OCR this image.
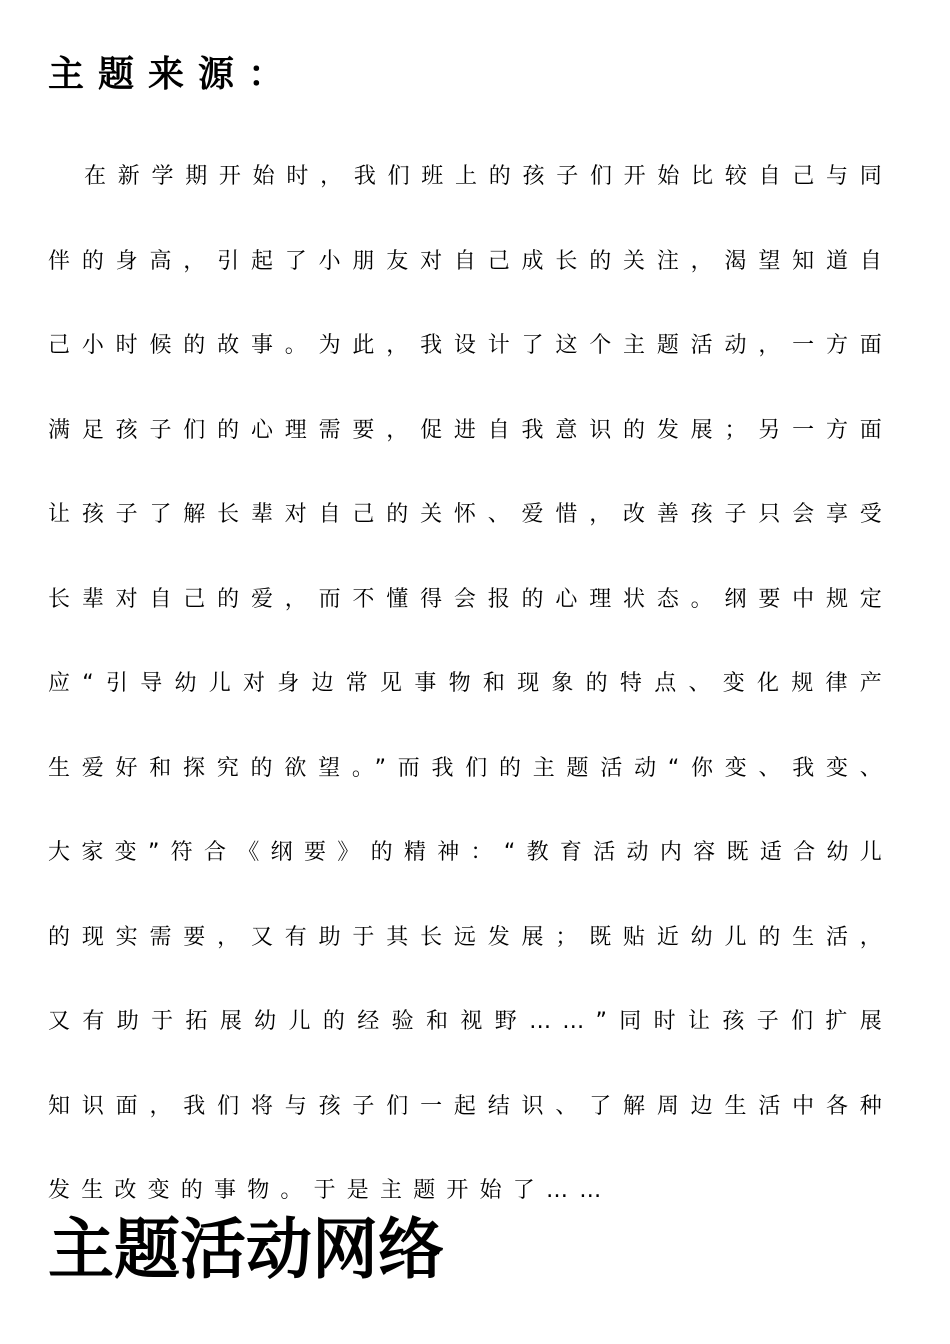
主题来源：

在新学期开始时，我们班上的孩子们开始比较自己与同伴的身高，引起了小朋友对自己成长的关注，渴望知道自己小时候的故事。为此，我设计了这个主题活动，一方面满足孩子们的心理需要，促进自我意识的发展；另一方面让孩子了解长辈对自己的关怀、爱惜，改善孩子只会享受长辈对自己的爱，而不懂得会报的心理状态。纲要中规定应“引导幼儿对身边常见事物和现象的特点、变化规律产生爱好和探究的欲望。”而我们的主题活动“你变、我变、大家变”符合《纲要》的精神：“教育活动内容既适合幼儿的现实需要，又有助于其长远发展；既贴近幼儿的生活，又有助于拓展幼儿的经验和视野……”同时让孩子们扩展知识面，我们将与孩子们一起结识、了解周边生活中各种发生改变的事物。于是主题开始了……

主题活动网络
